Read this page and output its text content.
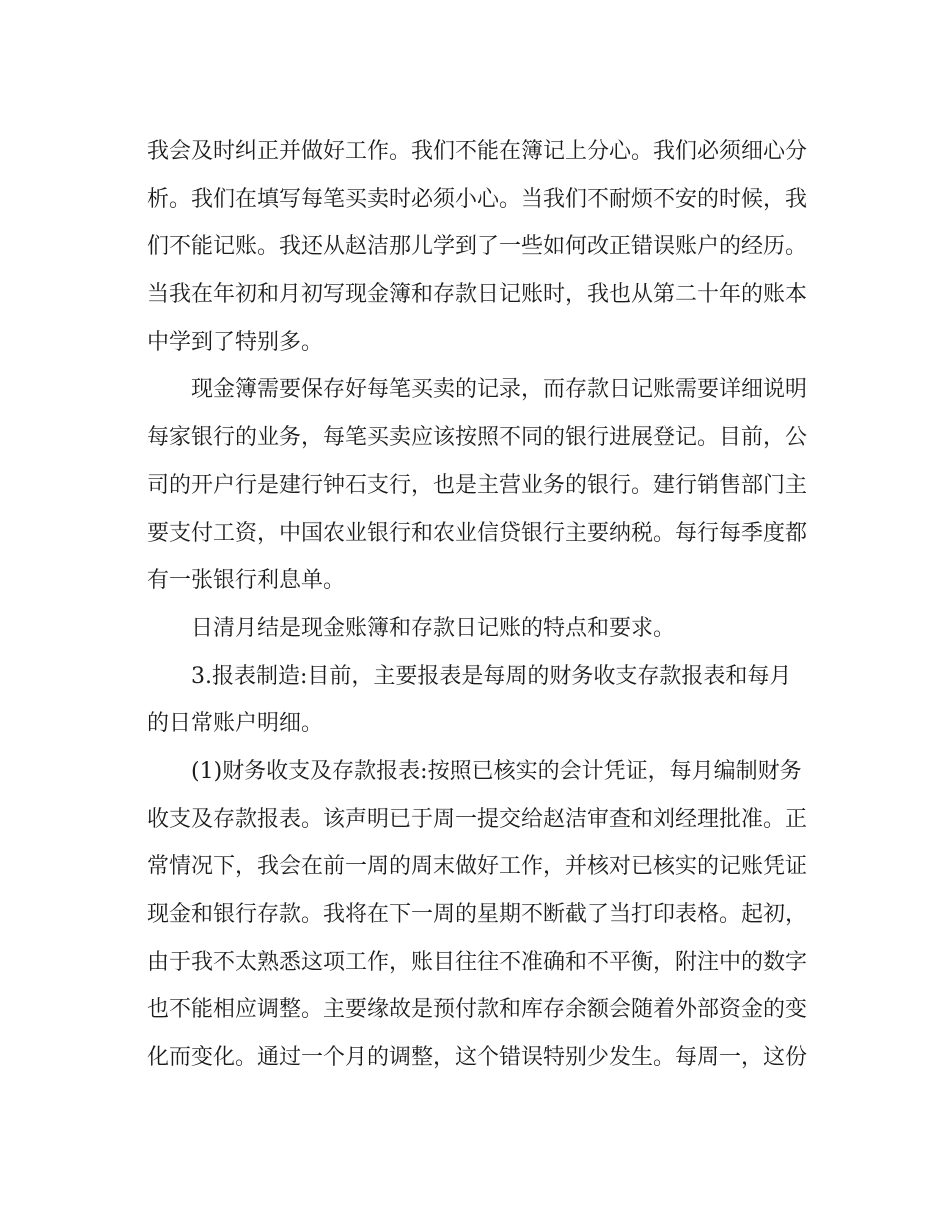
我会及时纠正并做好工作。我们不能在簿记上分心。我们必须细心分
析。我们在填写每笔买卖时必须小心。当我们不耐烦不安的时候，我
们不能记账。我还从赵洁那儿学到了一些如何改正错误账户的经历。
当我在年初和月初写现金簿和存款日记账时，我也从第二十年的账本
中学到了特别多。
现金簿需要保存好每笔买卖的记录，而存款日记账需要详细说明
每家银行的业务，每笔买卖应该按照不同的银行进展登记。目前，公
司的开户行是建行钟石支行，也是主营业务的银行。建行销售部门主
要支付工资，中国农业银行和农业信贷银行主要纳税。每行每季度都
有一张银行利息单。
日清月结是现金账簿和存款日记账的特点和要求。
3.报表制造:目前，主要报表是每周的财务收支存款报表和每月
的日常账户明细。
(1)财务收支及存款报表:按照已核实的会计凭证，每月编制财务
收支及存款报表。该声明已于周一提交给赵洁审查和刘经理批准。正
常情况下，我会在前一周的周末做好工作，并核对已核实的记账凭证
现金和银行存款。我将在下一周的星期不断截了当打印表格。起初，
由于我不太熟悉这项工作，账目往往不准确和不平衡，附注中的数字
也不能相应调整。主要缘故是预付款和库存余额会随着外部资金的变
化而变化。通过一个月的调整，这个错误特别少发生。每周一，这份
